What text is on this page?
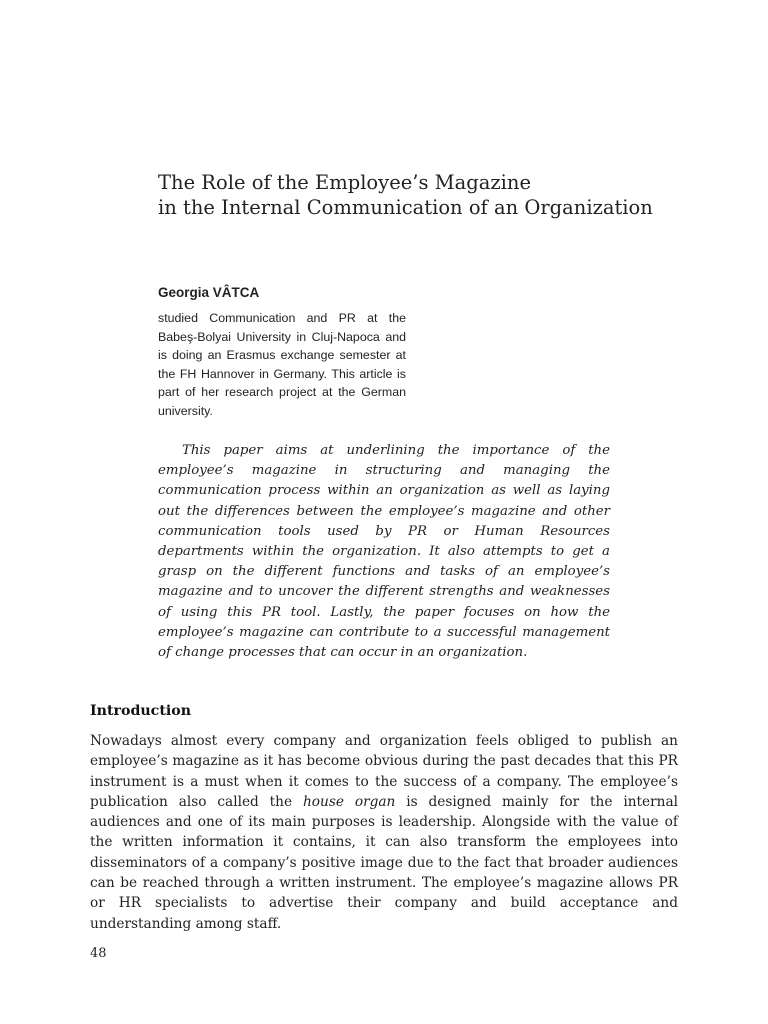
The Role of the Employee’s Magazine
in the Internal Communication of an Organization
Georgia VÂTCA
studied Communication and PR at the Babeş-Bolyai University in Cluj-Napoca and is doing an Erasmus exchange semester at the FH Hannover in Germany. This article is part of her research project at the German university.

This paper aims at underlining the importance of the employee’s magazine in structuring and managing the communication process within an organization as well as laying out the differences between the employee’s magazine and other communication tools used by PR or Human Resources departments within the organization. It also attempts to get a grasp on the different functions and tasks of an employee’s magazine and to uncover the different strengths and weaknesses of using this PR tool. Lastly, the paper focuses on how the employee’s magazine can contribute to a successful management of change processes that can occur in an organization.

Introduction

Nowadays almost every company and organization feels obliged to publish an employee’s magazine as it has become obvious during the past decades that this PR instrument is a must when it comes to the success of a company. The employee’s publication also called the house organ is designed mainly for the internal audiences and one of its main purposes is leadership. Alongside with the value of the written information it contains, it can also transform the employees into disseminators of a company’s positive image due to the fact that broader audiences can be reached through a written instrument. The employee’s magazine allows PR or HR specialists to advertise their company and build acceptance and understanding among staff.

48
